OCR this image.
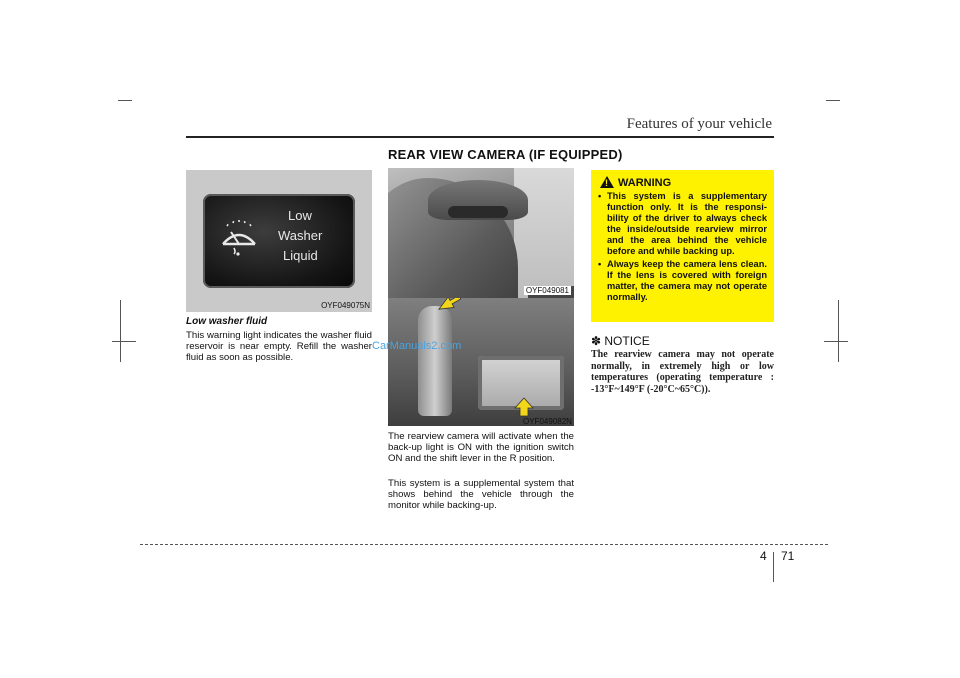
Features of your vehicle
REAR VIEW CAMERA (IF EQUIPPED)
Low
Washer
Liquid
OYF049075N
Low washer fluid
This warning light indicates the washer fluid reservoir is near empty. Refill the washer fluid as soon as possible.
OYF049081
OYF049082N
CarManuals2.com
The rearview camera will activate when the back-up light is ON with the ignition switch ON and the shift lever in the R position.
This system is a supplemental system that shows behind the vehicle through the monitor while backing-up.
!
WARNING
• This system is a supplementary function only. It is the responsi-bility of the driver to always check the inside/outside rearview mirror and the area behind the vehicle before and while backing up.
• Always keep the camera lens clean. If the lens is covered with foreign matter, the camera may not operate normally.
✽ NOTICE
The rearview camera may not operate normally, in extremely high or low temperatures (operating temperature : -13°F~149°F (-20°C~65°C)).
4 71
